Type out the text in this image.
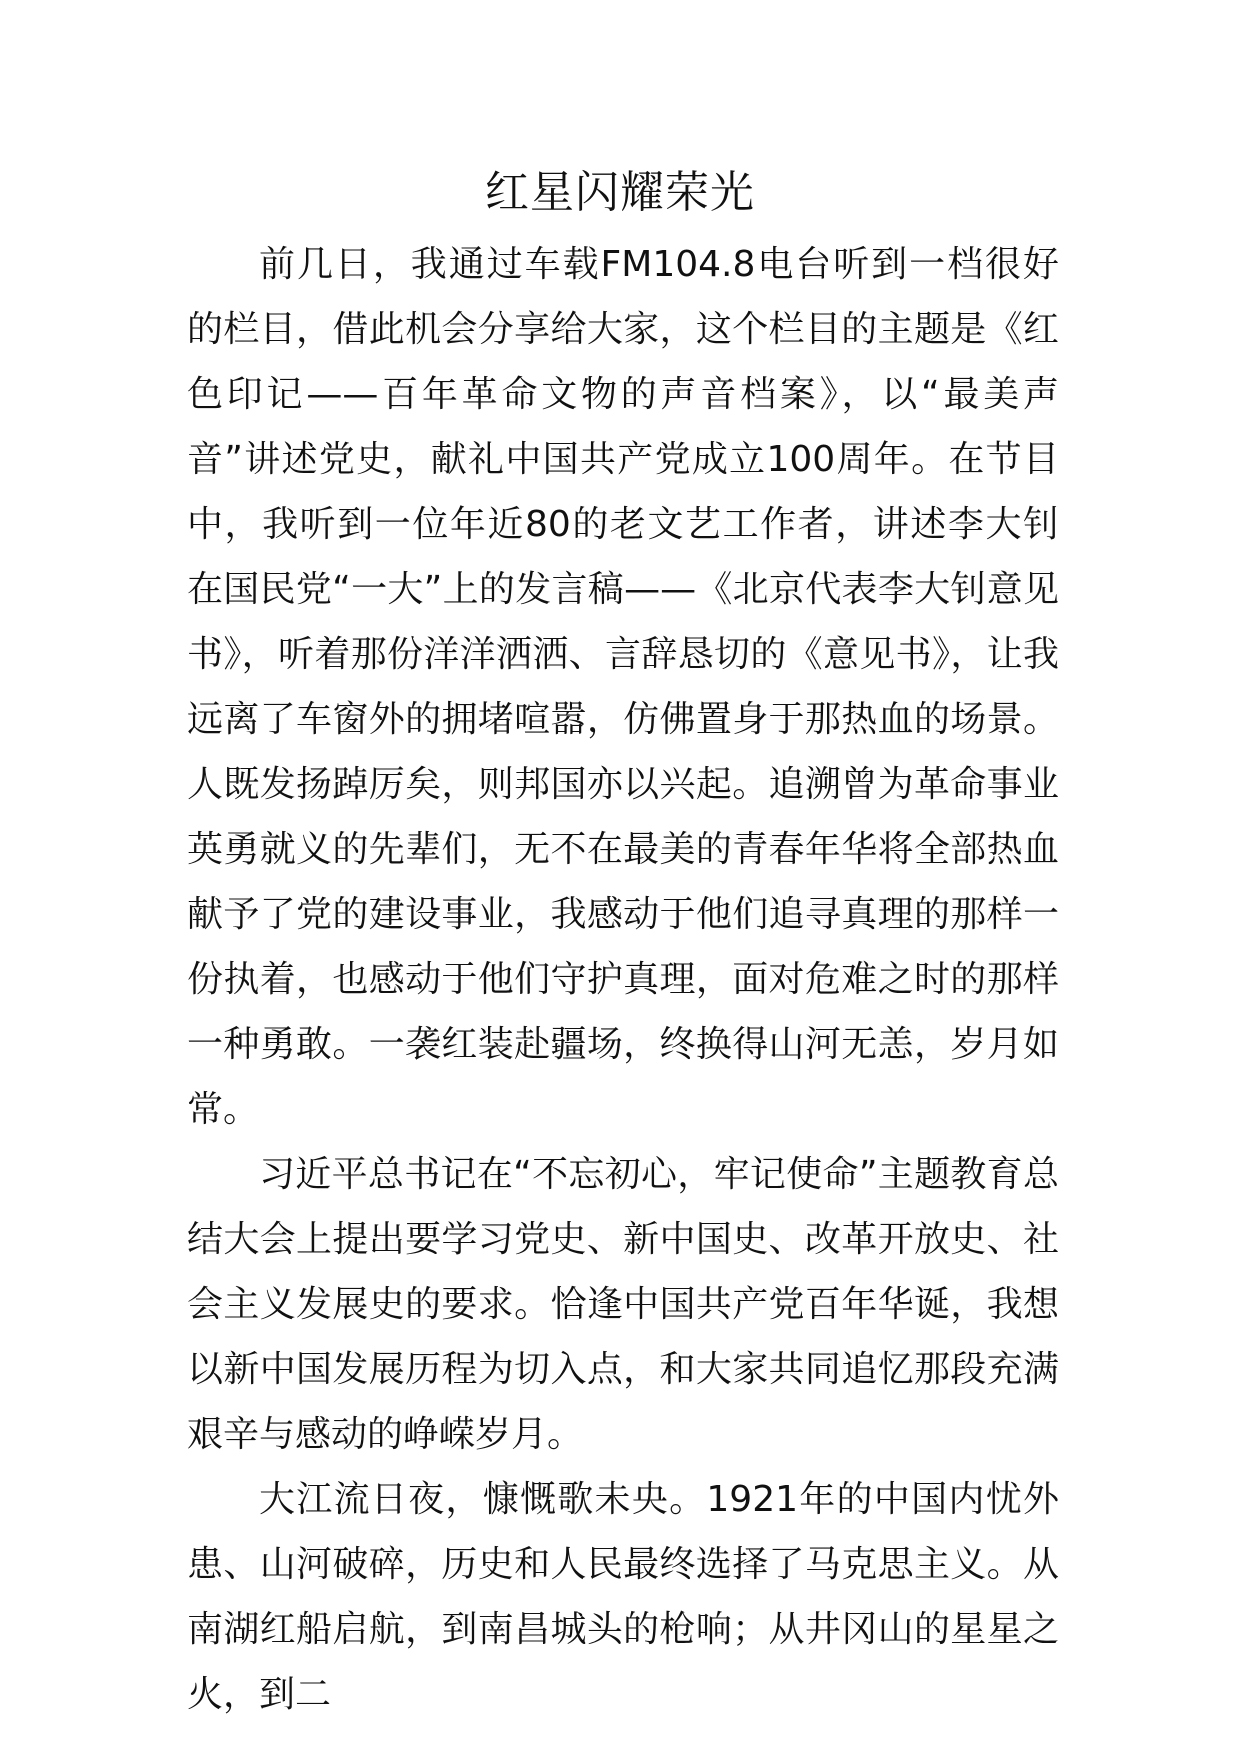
红星闪耀荣光

前几日，我通过车载FM104.8电台听到一档很好的栏目，借此机会分享给大家，这个栏目的主题是《红色印记——百年革命文物的声音档案》，以“最美声音”讲述党史，献礼中国共产党成立100周年。在节目中，我听到一位年近80的老文艺工作者，讲述李大钊在国民党“一大”上的发言稿——《北京代表李大钊意见书》，听着那份洋洋洒洒、言辞恳切的《意见书》，让我远离了车窗外的拥堵喧嚣，仿佛置身于那热血的场景。人既发扬踔厉矣，则邦国亦以兴起。追溯曾为革命事业英勇就义的先辈们，无不在最美的青春年华将全部热血献予了党的建设事业，我感动于他们追寻真理的那样一份执着，也感动于他们守护真理，面对危难之时的那样一种勇敢。一袭红装赴疆场，终换得山河无恙，岁月如常。

习近平总书记在“不忘初心，牢记使命”主题教育总结大会上提出要学习党史、新中国史、改革开放史、社会主义发展史的要求。恰逢中国共产党百年华诞，我想以新中国发展历程为切入点，和大家共同追忆那段充满艰辛与感动的峥嵘岁月。

大江流日夜，慷慨歌未央。1921年的中国内忧外患、山河破碎，历史和人民最终选择了马克思主义。从南湖红船启航，到南昌城头的枪响；从井冈山的星星之火，到二
